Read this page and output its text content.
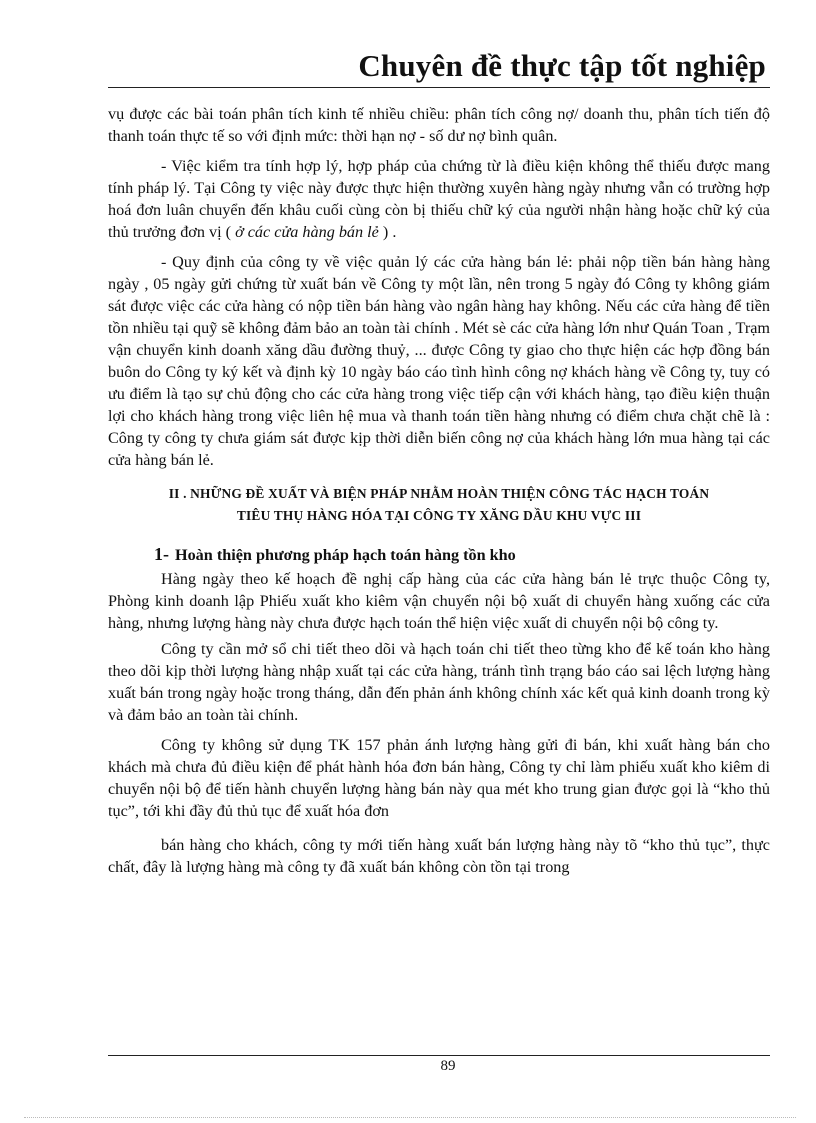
Chuyên đề thực tập tốt nghiệp

vụ được các bài toán phân tích kinh tế nhiều chiều: phân tích công nợ/ doanh thu, phân tích tiến độ thanh toán thực tế so với định mức: thời hạn nợ - số dư nợ bình quân.

- Việc kiểm tra tính hợp lý, hợp pháp của chứng từ là điều kiện không thể thiếu được mang tính pháp lý. Tại Công ty việc này được thực hiện thường xuyên hàng ngày nhưng vẫn có trường hợp hoá đơn luân chuyển đến khâu cuối cùng còn bị thiếu chữ ký của người nhận hàng hoặc chữ ký của thủ trưởng đơn vị ( ở các cửa hàng bán lẻ ) .

- Quy định của công ty về việc quản lý các cửa hàng bán lẻ: phải nộp tiền bán hàng hàng ngày , 05 ngày gửi chứng từ xuất bán về Công ty một lần, nên trong 5 ngày đó Công ty không giám sát được việc các cửa hàng có nộp tiền bán hàng vào ngân hàng hay không. Nếu các cửa hàng để tiền tồn nhiều tại quỹ sẽ không đảm bảo an toàn tài chính . Mét sè các cửa hàng lớn như Quán Toan , Trạm vận chuyển kinh doanh xăng dầu đường thuỷ, ... được Công ty giao cho thực hiện các hợp đồng bán buôn do Công ty ký kết và định kỳ 10 ngày báo cáo tình hình công nợ khách hàng về Công ty, tuy có ưu điểm là tạo sự chủ động cho các cửa hàng trong việc tiếp cận với khách hàng, tạo điều kiện thuận lợi cho khách hàng trong việc liên hệ mua và thanh toán tiền hàng nhưng có điểm chưa chặt chẽ là : Công ty công ty chưa giám sát được kịp thời diễn biến công nợ của khách hàng lớn mua hàng tại các cửa hàng bán lẻ.

II . NHỮNG ĐỀ XUẤT VÀ BIỆN PHÁP NHẰM HOÀN THIỆN CÔNG TÁC HẠCH TOÁN
TIÊU THỤ HÀNG HÓA TẠI CÔNG TY XĂNG DẦU KHU VỰC III
1- Hoàn thiện phương pháp hạch toán hàng tồn kho

Hàng ngày theo kế hoạch đề nghị cấp hàng của các cửa hàng bán lẻ trực thuộc Công ty, Phòng kinh doanh lập Phiếu xuất kho kiêm vận chuyển nội bộ xuất di chuyển hàng xuống các cửa hàng, nhưng lượng hàng này chưa được hạch toán thể hiện việc xuất di chuyển nội bộ công ty.

Công ty cần mở sổ chi tiết theo dõi và hạch toán chi tiết theo từng kho để kế toán kho hàng theo dõi kịp thời lượng hàng nhập xuất tại các cửa hàng, tránh tình trạng báo cáo sai lệch lượng hàng xuất bán trong ngày hoặc trong tháng, dẫn đến phản ánh không chính xác kết quả kinh doanh trong kỳ và đảm bảo an toàn tài chính.

Công ty không sử dụng TK 157 phản ánh lượng hàng gửi đi bán, khi xuất hàng bán cho khách mà chưa đủ điều kiện để phát hành hóa đơn bán hàng, Công ty chỉ làm phiếu xuất kho kiêm di chuyển nội bộ để tiến hành chuyển lượng hàng bán này qua mét kho trung gian được gọi là “kho thủ tục”, tới khi đầy đủ thủ tục để xuất hóa đơn

bán hàng cho khách, công ty mới tiến hàng xuất bán lượng hàng này tõ “kho thủ tục”, thực chất, đây là lượng hàng mà công ty đã xuất bán không còn tồn tại trong

89
